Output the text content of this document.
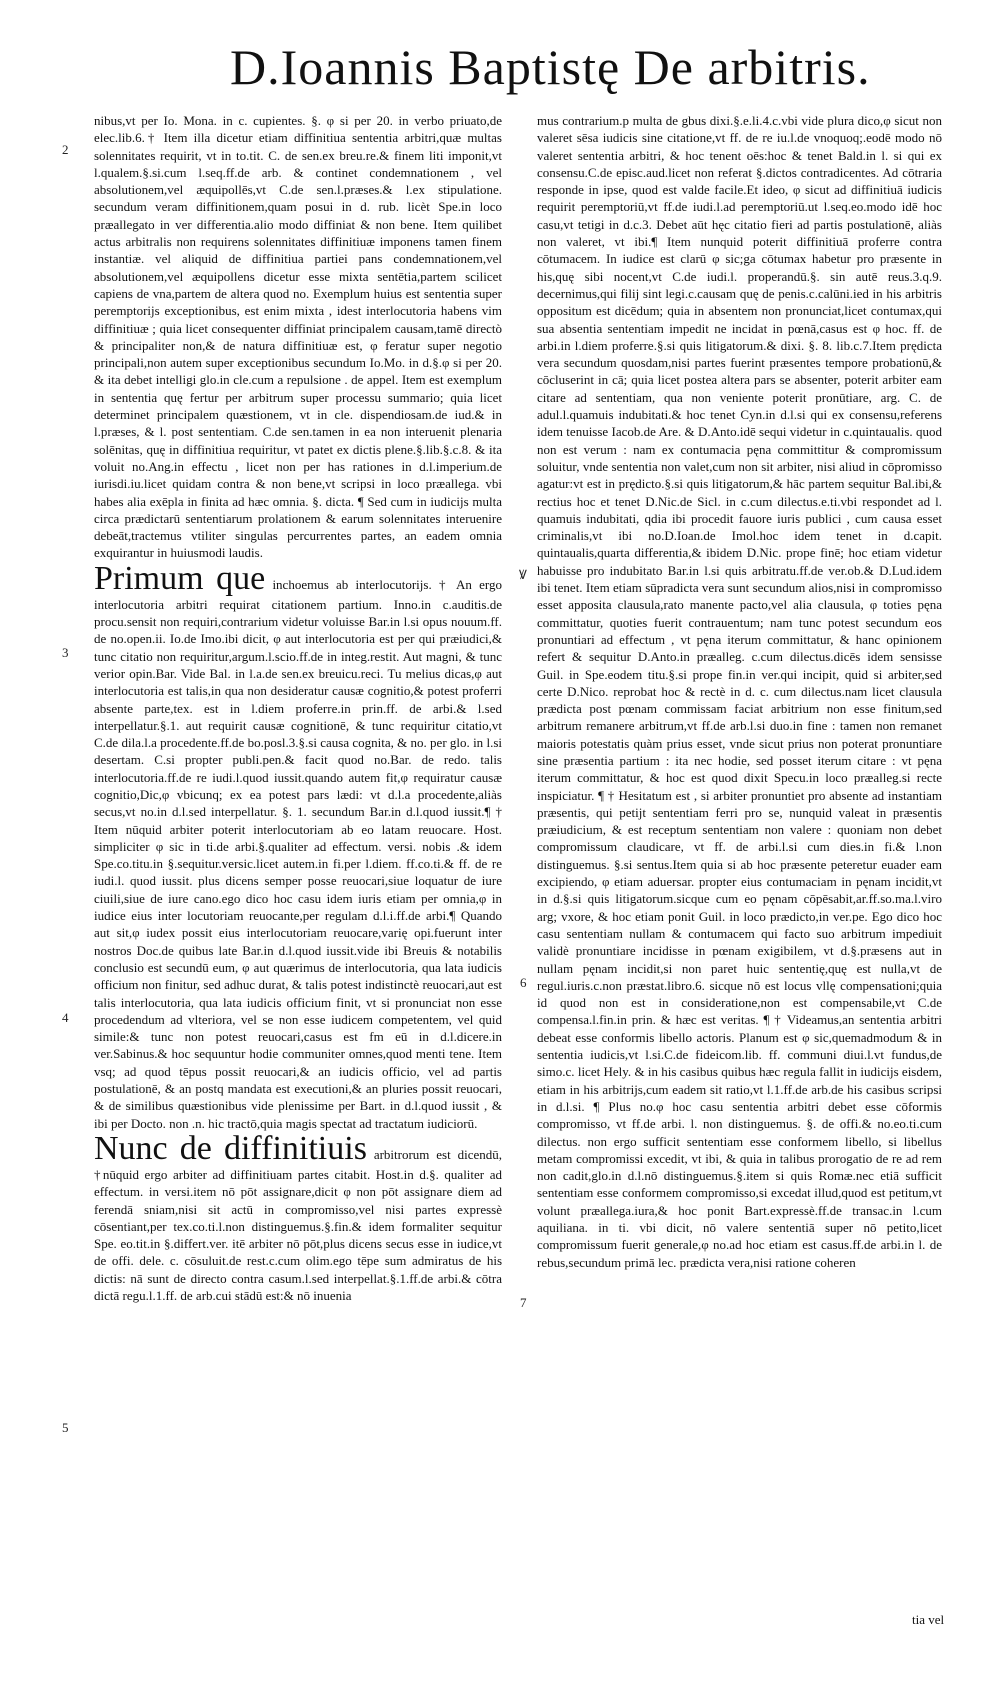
D.Ioannis Baptistę De arbitris.
2
3
4
5
Ꝟ
6
7

nibus,vt per Io. Mona. in c. cupientes. §. φ si per 20. in verbo priuato,de elec.lib.6.† Item illa dicetur etiam diffinitiua sententia arbitri,quæ multas solennitates requirit, vt in to.tit. C. de sen.ex breu.re.& finem liti imponit,vt l.qualem.§.si.cum l.seq.ff.de arb. & continet condemnationem , vel absolutionem,vel æquipollēs,vt C.de sen.l.præses.& l.ex stipulatione. secundum veram diffinitionem,quam posui in d. rub. licèt Spe.in loco præallegato in ver differentia.alio modo diffiniat & non bene. Item quilibet actus arbitralis non requirens solennitates diffinitiuæ imponens tamen finem instantiæ. vel aliquid de diffinitiua partiei pans condemnationem,vel absolutionem,vel æquipollens dicetur esse mixta sentētia,partem scilicet capiens de vna,partem de altera quod no. Exemplum huius est sententia super peremptorijs exceptionibus, est enim mixta , idest interlocutoria habens vim diffinitiuæ ; quia licet consequenter diffiniat principalem causam,tamē directò & principaliter non,& de natura diffinitiuæ est, φ feratur super negotio principali,non autem super exceptionibus secundum Io.Mo. in d.§.φ si per 20. & ita debet intelligi glo.in cle.cum a repulsione . de appel. Item est exemplum in sententia quę fertur per arbitrum super processu summario; quia licet determinet principalem quæstionem, vt in cle. dispendiosam.de iud.& in l.præses, & l. post sententiam. C.de sen.tamen in ea non interuenit plenaria solēnitas, quę in diffinitiua requiritur, vt patet ex dictis plene.§.lib.§.c.8. & ita voluit no.Ang.in effectu , licet non per has rationes in d.l.imperium.de iurisdi.iu.licet quidam contra & non bene,vt scripsi in loco præallega. vbi habes alia exēpla in finita ad hæc omnia. §. dicta. ¶ Sed cum in iudicijs multa circa prædictarū sententiarum prolationem & earum solennitates interuenire debeāt,tractemus vtiliter singulas percurrentes partes, an eadem omnia exquirantur in huiusmodi laudis.

Primum que inchoemus ab interlocutorijs. † An ergo interlocutoria arbitri requirat citationem partium. Inno.in c.auditis.de procu.sensit non requiri,contrarium videtur voluisse Bar.in l.si opus nouum.ff. de no.open.ii. Io.de Imo.ibi dicit, φ aut interlocutoria est per qui præiudici,& tunc citatio non requiritur,argum.l.scio.ff.de in integ.restit. Aut magni, & tunc verior opin.Bar. Vide Bal. in l.a.de sen.ex breuicu.reci. Tu melius dicas,φ aut interlocutoria est talis,in qua non desideratur causæ cognitio,& potest proferri absente parte,tex. est in l.diem proferre.in prin.ff. de arbi.& l.sed interpellatur.§.1. aut requirit causæ cognitionē, & tunc requiritur citatio,vt C.de dila.l.a procedente.ff.de bo.posl.3.§.si causa cognita, & no. per glo. in l.si desertam. C.si propter publi.pen.& facit quod no.Bar. de redo. talis interlocutoria.ff.de re iudi.l.quod iussit.quando autem fit,φ requiratur causæ cognitio,Dic,φ vbicunq; ex ea potest pars lædi: vt d.l.a procedente,aliàs secus,vt no.in d.l.sed interpellatur. §. 1. secundum Bar.in d.l.quod iussit.¶ † Item nūquid arbiter poterit interlocutoriam ab eo latam reuocare. Host. simpliciter φ sic in ti.de arbi.§.qualiter ad effectum. versi. nobis .& idem Spe.co.titu.in §.sequitur.versic.licet autem.in fi.per l.diem. ff.co.ti.& ff. de re iudi.l. quod iussit. plus dicens semper posse reuocari,siue loquatur de iure ciuili,siue de iure cano.ego dico hoc casu idem iuris etiam per omnia,φ in iudice eius inter locutoriam reuocante,per regulam d.l.i.ff.de arbi.¶ Quando aut sit,φ iudex possit eius interlocutoriam reuocare,varię opi.fuerunt inter nostros Doc.de quibus late Bar.in d.l.quod iussit.vide ibi Breuis & notabilis conclusio est secundū eum, φ aut quærimus de interlocutoria, qua lata iudicis officium non finitur, sed adhuc durat, & talis potest indistinctè reuocari,aut est talis interlocutoria, qua lata iudicis officium finit, vt si pronunciat non esse procedendum ad vlteriora, vel se non esse iudicem competentem, vel quid simile:& tunc non potest reuocari,casus est fm eū in d.l.dicere.in ver.Sabinus.& hoc sequuntur hodie communiter omnes,quod menti tene. Item vsq; ad quod tēpus possit reuocari,& an iudicis officio, vel ad partis postulationē, & an postq mandata est executioni,& an pluries possit reuocari, & de similibus quæstionibus vide plenissime per Bart. in d.l.quod iussit , & ibi per Docto. non .n. hic tractō,quia magis spectat ad tractatum iudiciorū.

Nunc de diffinitiuis arbitrorum est dicendū, †nūquid ergo arbiter ad diffinitiuam partes citabit. Host.in d.§. qualiter ad effectum. in versi.item nō pōt assignare,dicit φ non pōt assignare diem ad ferendā sniam,nisi sit actū in compromisso,vel nisi partes expressè cōsentiant,per tex.co.ti.l.non distinguemus.§.fin.& idem formaliter sequitur Spe. eo.tit.in §.differt.ver. itē arbiter nō pōt,plus dicens secus esse in iudice,vt de offi. dele. c. cōsuluit.de rest.c.cum olim.ego tēpe sum admiratus de his dictis: nā sunt de directo contra casum.l.sed interpellat.§.1.ff.de arbi.& cōtra dictā regu.l.1.ff. de arb.cui stādū est:& nō inuenia

mus contrarium.p multa de gbus dixi.§.e.li.4.c.vbi vide plura dico,φ sicut non valeret sēsa iudicis sine citatione,vt ff. de re iu.l.de vnoquoq;.eodē modo nō valeret sententia arbitri, & hoc tenent oēs:hoc & tenet Bald.in l. si qui ex consensu.C.de episc.aud.licet non referat §.dictos contradicentes. Ad cōtraria responde in ipse, quod est valde facile.Et ideo, φ sicut ad diffinitiuā iudicis requirit peremptoriū,vt ff.de iudi.l.ad peremptoriū.ut l.seq.eo.modo idē hoc casu,vt tetigi in d.c.3. Debet aūt hęc citatio fieri ad partis postulationē, aliàs non valeret, vt ibi.¶ Item nunquid poterit diffinitiuā proferre contra cōtumacem. In iudice est clarū φ sic;ga cōtumax habetur pro præsente in his,quę sibi nocent,vt C.de iudi.l. properandū.§. sin autē reus.3.q.9. decernimus,qui filij sint legi.c.causam quę de penis.c.calūni.ied in his arbitris oppositum est dicēdum; quia in absentem non pronunciat,licet contumax,qui sua absentia sententiam impedit ne incidat in pœnā,casus est φ hoc. ff. de arbi.in l.diem proferre.§.si quis litigatorum.& dixi. §. 8. lib.c.7.Item prędicta vera secundum quosdam,nisi partes fuerint præsentes tempore probationū,& cōcluserint in cā; quia licet postea altera pars se absenter, poterit arbiter eam citare ad sententiam, qua non veniente poterit pronūtiare, arg. C. de adul.l.quamuis indubitati.& hoc tenet Cyn.in d.l.si qui ex consensu,referens idem tenuisse Iacob.de Are. & D.Anto.idē sequi videtur in c.quintaualis. quod non est verum : nam ex contumacia pęna committitur & compromissum soluitur, vnde sententia non valet,cum non sit arbiter, nisi aliud in cōpromisso agatur:vt est in prędicto.§.si quis litigatorum,& hāc partem sequitur Bal.ibi,& rectius hoc et tenet D.Nic.de Sicl. in c.cum dilectus.e.ti.vbi respondet ad l. quamuis indubitati, qdia ibi procedit fauore iuris publici , cum causa esset criminalis,vt ibi no.D.Ioan.de Imol.hoc idem tenet in d.capit. quintaualis,quarta differentia,& ibidem D.Nic. prope finē; hoc etiam videtur habuisse pro indubitato Bar.in l.si quis arbitratu.ff.de ver.ob.& D.Lud.idem ibi tenet. Item etiam sūpradicta vera sunt secundum alios,nisi in compromisso esset apposita clausula,rato manente pacto,vel alia clausula, φ toties pęna committatur, quoties fuerit contrauentum; nam tunc potest secundum eos pronuntiari ad effectum , vt pęna iterum committatur, & hanc opinionem refert & sequitur D.Anto.in præalleg. c.cum dilectus.dicēs idem sensisse Guil. in Spe.eodem titu.§.si prope fin.in ver.qui incipit, quid si arbiter,sed certe D.Nico. reprobat hoc & rectè in d. c. cum dilectus.nam licet clausula prædicta post pœnam commissam faciat arbitrium non esse finitum,sed arbitrum remanere arbitrum,vt ff.de arb.l.si duo.in fine : tamen non remanet maioris potestatis quàm prius esset, vnde sicut prius non poterat pronuntiare sine præsentia partium : ita nec hodie, sed posset iterum citare : vt pęna iterum committatur, & hoc est quod dixit Specu.in loco præalleg.si recte inspiciatur. ¶ † Hesitatum est , si arbiter pronuntiet pro absente ad instantiam præsentis, qui petijt sententiam ferri pro se, nunquid valeat in præsentis præiudicium, & est receptum sententiam non valere : quoniam non debet compromissum claudicare, vt ff. de arbi.l.si cum dies.in fi.& l.non distinguemus. §.si sentus.Item quia si ab hoc præsente peteretur euader eam excipiendo, φ etiam aduersar. propter eius contumaciam in pęnam incidit,vt in d.§.si quis litigatorum.sicque cum eo pęnam cōpēsabit,ar.ff.so.ma.l.viro arg; vxore, & hoc etiam ponit Guil. in loco prædicto,in ver.pe. Ego dico hoc casu sententiam nullam & contumacem qui facto suo arbitrum impediuit validè pronuntiare incidisse in pœnam exigibilem, vt d.§.præsens aut in nullam pęnam incidit,si non paret huic sententię,quę est nulla,vt de regul.iuris.c.non præstat.libro.6. sicque nō est locus vllę compensationi;quia id quod non est in consideratione,non est compensabile,vt C.de compensa.l.fin.in prin. & hæc est veritas. ¶ † Videamus,an sententia arbitri debeat esse conformis libello actoris. Planum est φ sic,quemadmodum & in sententia iudicis,vt l.si.C.de fideicom.lib. ff. communi diui.l.vt fundus,de simo.c. licet Hely. & in his casibus quibus hæc regula fallit in iudicijs eisdem, etiam in his arbitrijs,cum eadem sit ratio,vt l.1.ff.de arb.de his casibus scripsi in d.l.si. ¶ Plus no.φ hoc casu sententia arbitri debet esse cōformis compromisso, vt ff.de arbi. l. non distinguemus. §. de offi.& no.eo.ti.cum dilectus. non ergo sufficit sententiam esse conformem libello, si libellus metam compromissi excedit, vt ibi, & quia in talibus prorogatio de re ad rem non cadit,glo.in d.l.nō distinguemus.§.item si quis Romæ.nec etiā sufficit sententiam esse conformem compromisso,si excedat illud,quod est petitum,vt volunt præallega.iura,& hoc ponit Bart.expressè.ff.de transac.in l.cum aquiliana. in ti. vbi dicit, nō valere sententiā super nō petito,licet compromissum fuerit generale,φ no.ad hoc etiam est casus.ff.de arbi.in l. de rebus,secundum primā lec. prædicta vera,nisi ratione coheren

tia vel
